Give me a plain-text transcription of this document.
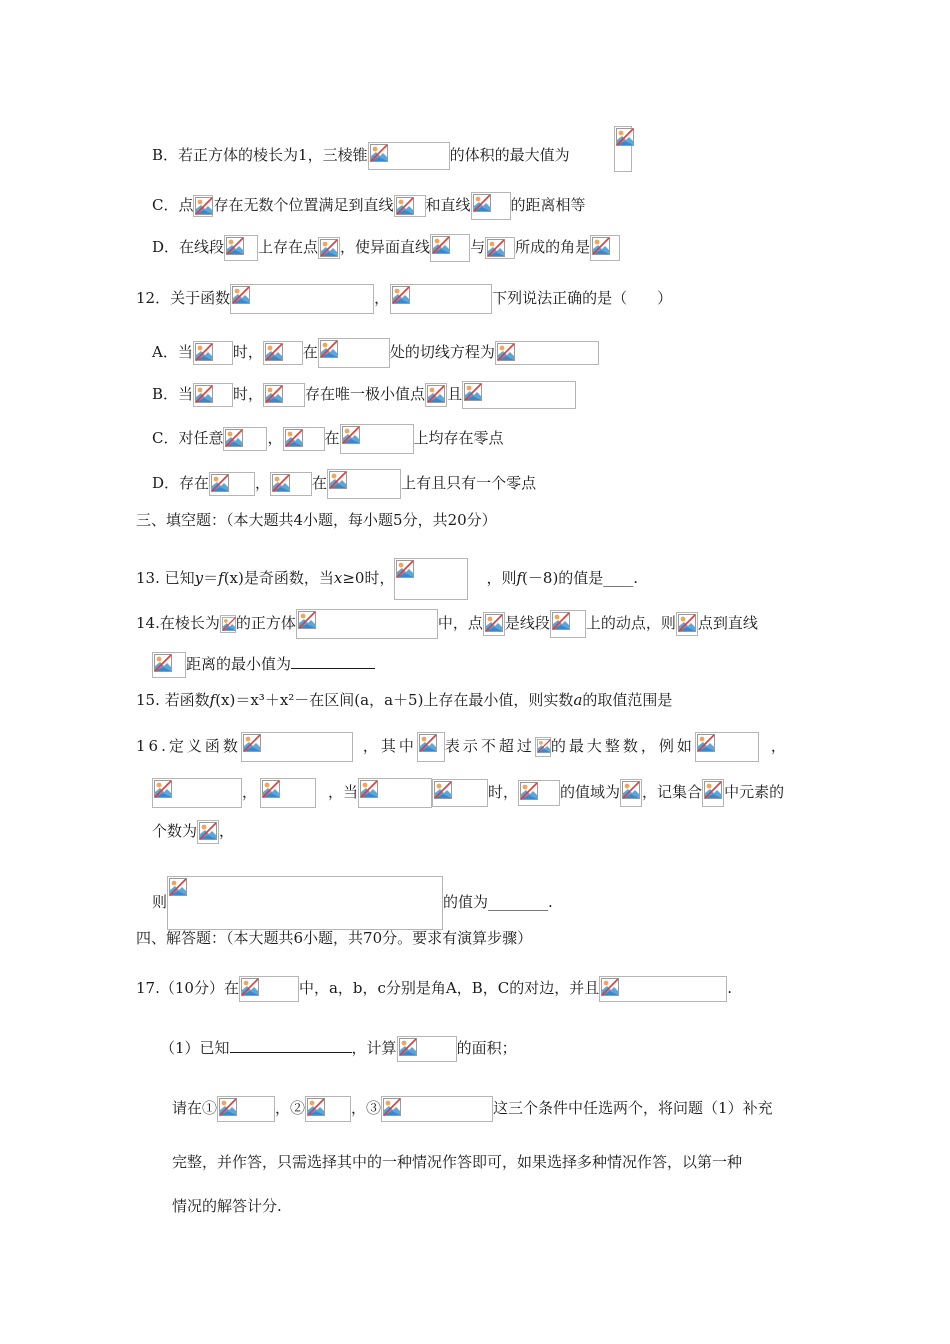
B．若正方体的棱长为1，三棱锥	的体积的最大值为
C．点 存在无数个位置满足到直线 和直线	的距离相等
D．在线段 上存在点 ，使异面直线	与 所成的角是
12．关于函数	，	下列说法正确的是（　　）
A．当	时，	在	处的切线方程为
B．当	时，	存在唯一极小值点 且
C．对任意	，	在	上均存在零点
D．存在	，	在	上有且只有一个零点
三、填空题：（本大题共4小题，每小题5分，共20分）
13. 已知y＝f(x)是奇函数，当x≥0时，	，则f(－8)的值是____.
14.在棱长为 的正方体	中，点 是线段 上的动点，则 点到直线
距离的最小值为
15. 若函数f(x)＝x³＋x²－在区间(a，a＋5)上存在最小值，则实数a的取值范围是
16.定义函数	，其中 表示不超过 的最大整数，例如	，
，	，当	时，	的值域为 ，记集合 中元素的
个数为 ，
则	的值为________.
四、解答题：（本大题共6小题，共70分。要求有演算步骤）
17.（10分）在	中，a，b，c分别是角A，B，C的对边，并且	.
（1）已知	，计算	的面积；
请在①	，②	，③	这三个条件中任选两个，将问题（1）补充
完整，并作答，只需选择其中的一种情况作答即可，如果选择多种情况作答，以第一种
情况的解答计分.
